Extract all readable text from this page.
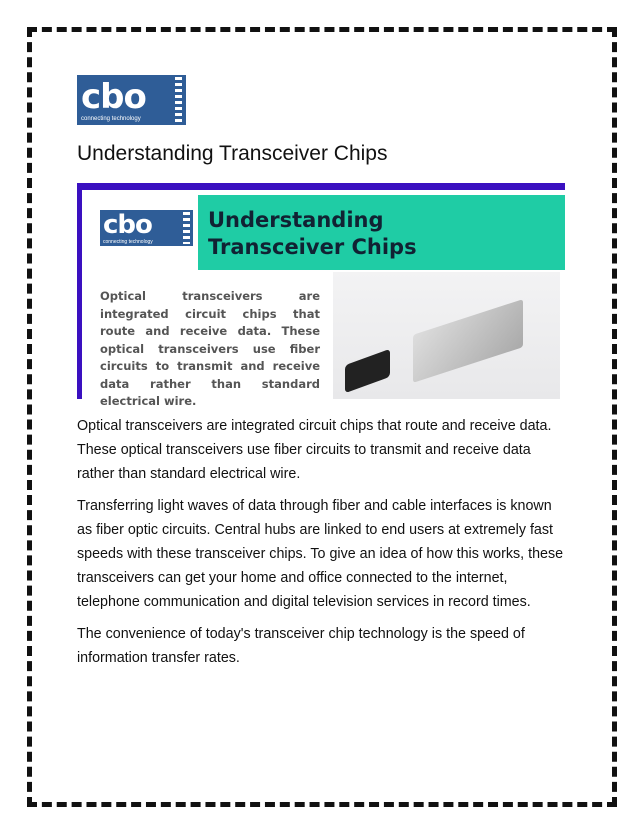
cbo
connecting technology
Understanding Transceiver Chips
cbo
connecting technology
Understanding Transceiver Chips
Optical transceivers are integrated circuit chips that route and receive data. These optical transceivers use fiber circuits to transmit and receive data rather than standard electrical wire.

Optical transceivers are integrated circuit chips that route and receive data. These optical transceivers use fiber circuits to transmit and receive data rather than standard electrical wire.

Transferring light waves of data through fiber and cable interfaces is known as fiber optic circuits. Central hubs are linked to end users at extremely fast speeds with these transceiver chips. To give an idea of how this works, these transceivers can get your home and office connected to the internet, telephone communication and digital television services in record times.

The convenience of today's transceiver chip technology is the speed of information transfer rates.
